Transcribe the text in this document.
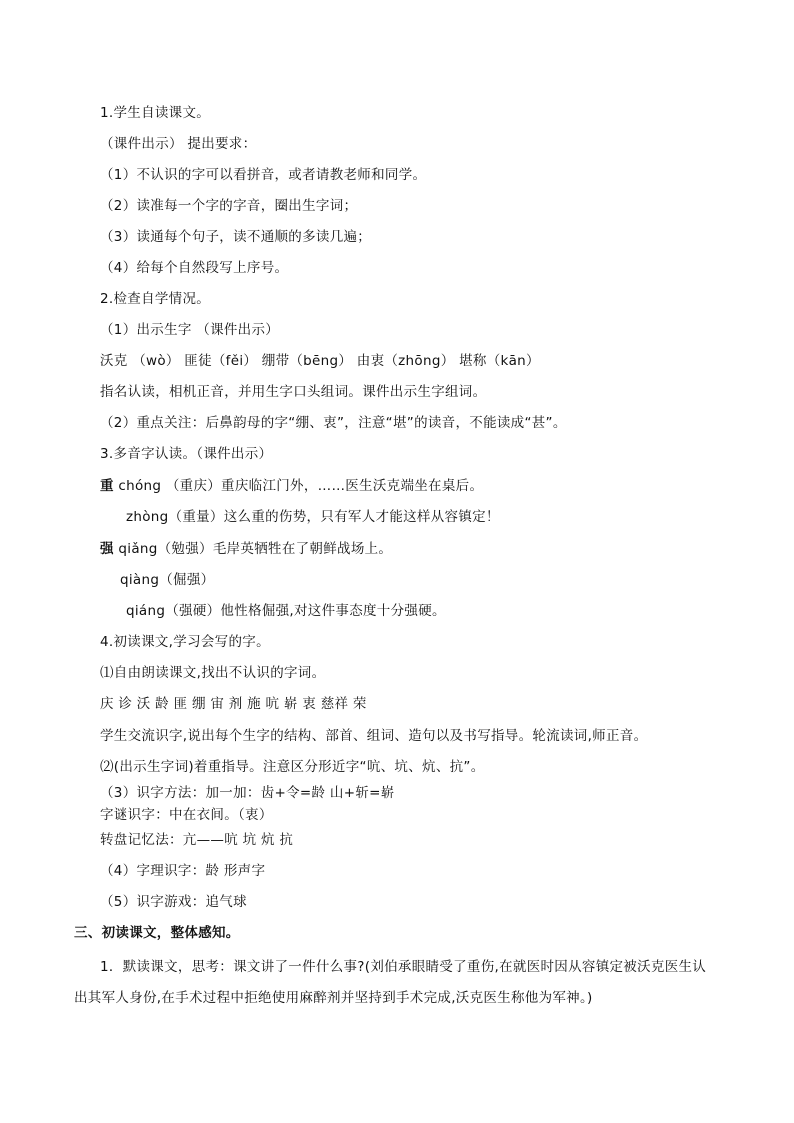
1.学生自读课文。
（课件出示） 提出要求：
（1）不认识的字可以看拼音，或者请教老师和同学。
（2）读准每一个字的字音，圈出生字词；
（3）读通每个句子，读不通顺的多读几遍；
（4）给每个自然段写上序号。
2.检查自学情况。
（1）出示生字 （课件出示）
沃克 （wò） 匪徒（fěi） 绷带（bēng） 由衷（zhōng） 堪称（kān）
指名认读，相机正音，并用生字口头组词。课件出示生字组词。
（2）重点关注：后鼻韵母的字“绷、衷”，注意“堪”的读音，不能读成“甚”。
3.多音字认读。（课件出示）
重 chóng （重庆）重庆临江门外，……医生沃克端坐在桌后。
zhòng（重量）这么重的伤势，只有军人才能这样从容镇定！
强 qiǎng（勉强）毛岸英牺牲在了朝鲜战场上。
qiàng（倔强）
qiáng（强硬）他性格倔强,对这件事态度十分强硬。
4.初读课文,学习会写的字。
⑴自由朗读课文,找出不认识的字词。
庆 诊 沃 龄 匪 绷 宙 剂 施 吭 崭 衷 慈祥 荣
学生交流识字,说出每个生字的结构、部首、组词、造句以及书写指导。轮流读词,师正音。
⑵(出示生字词)着重指导。注意区分形近字“吭、坑、炕、抗”。
（3）识字方法：加一加：齿+令=龄 山+斩=崭
字谜识字：中在衣间。（衷）
转盘记忆法：亢——吭 坑 炕 抗
（4）字理识字：龄 形声字
（5）识字游戏：追气球
三、初读课文，整体感知。
1．默读课文，思考：课文讲了一件什么事?(刘伯承眼睛受了重伤,在就医时因从容镇定被沃克医生认
出其军人身份,在手术过程中拒绝使用麻醉剂并坚持到手术完成,沃克医生称他为军神。)
